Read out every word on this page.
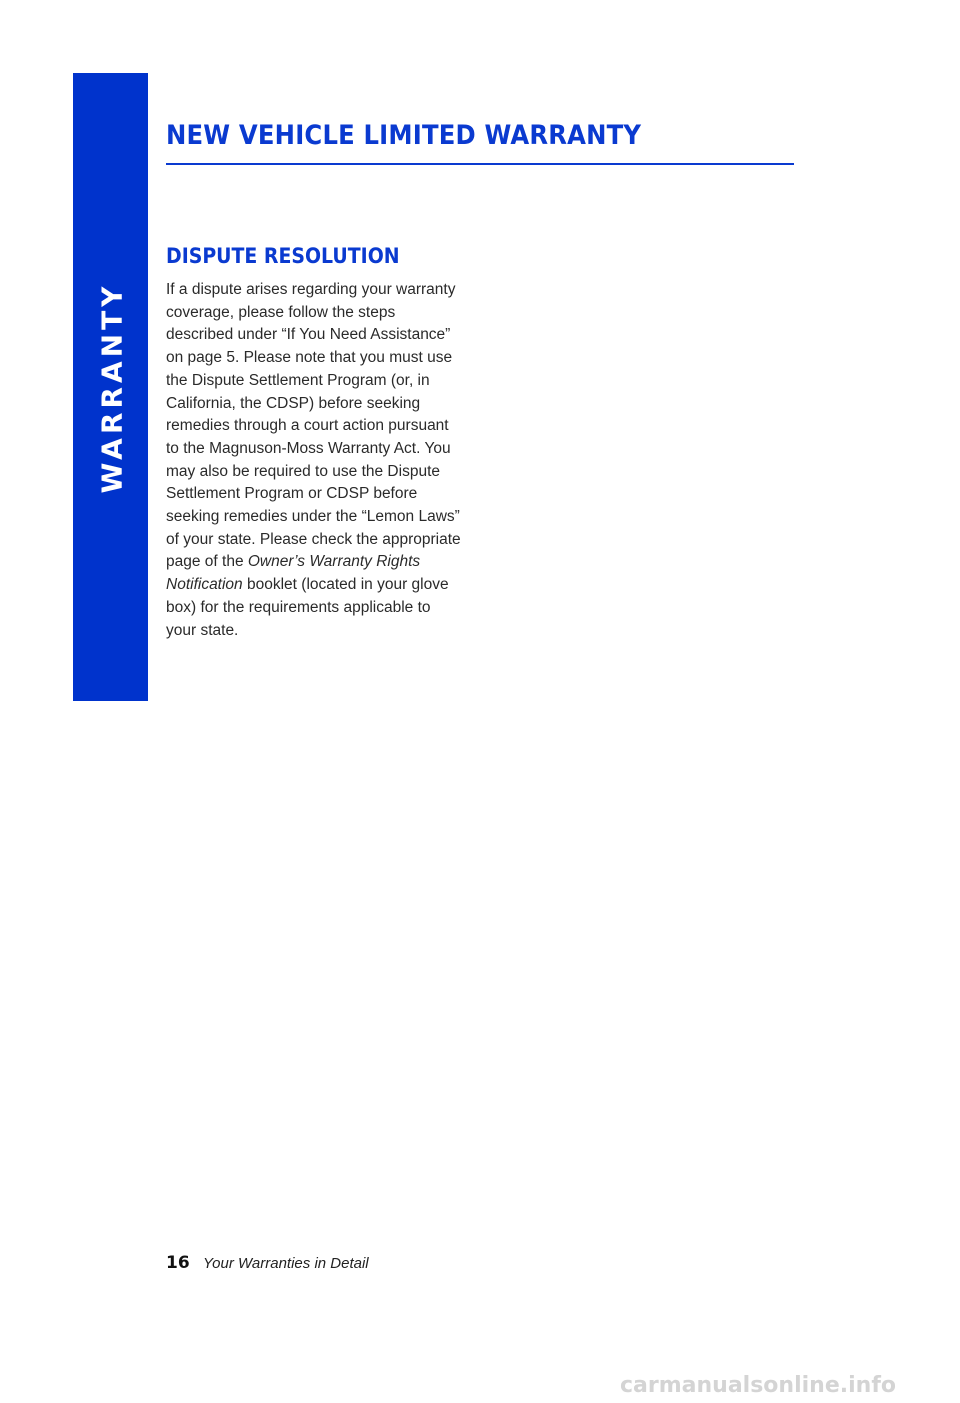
WARRANTY
NEW VEHICLE LIMITED WARRANTY
DISPUTE RESOLUTION

If a dispute arises regarding your warranty
coverage, please follow the steps
described under “If You Need Assistance”
on page 5. Please note that you must use
the Dispute Settlement Program (or, in
California, the CDSP) before seeking
remedies through a court action pursuant
to the Magnuson-Moss Warranty Act. You
may also be required to use the Dispute
Settlement Program or CDSP before
seeking remedies under the “Lemon Laws”
of your state. Please check the appropriate
page of the Owner’s Warranty Rights
Notification booklet (located in your glove
box) for the requirements applicable to
your state.

16 Your Warranties in Detail
carmanualsonline.info
